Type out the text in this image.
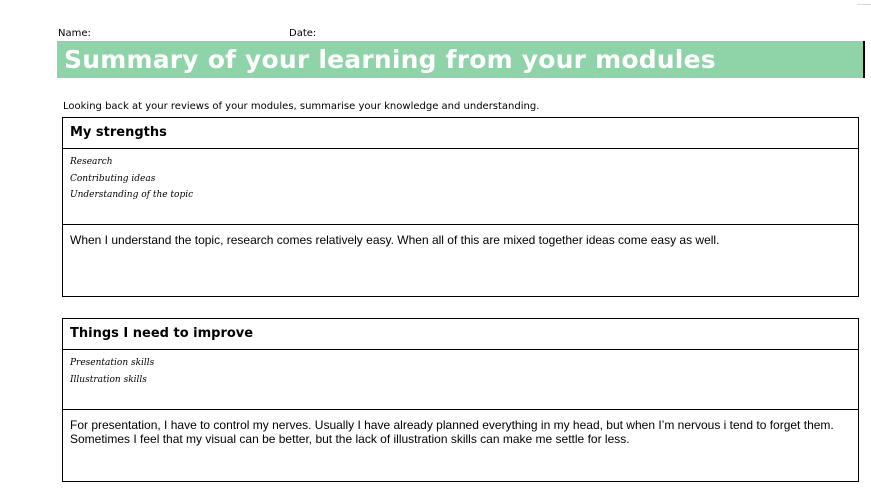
Name:	Date:
Summary of your learning from your modules
Looking back at your reviews of your modules, summarise your knowledge and understanding.
My strengths
Research
Contributing ideas
Understanding of the topic
When I understand the topic, research comes relatively easy. When all of this are mixed together ideas come easy as well.
Things I need to improve
Presentation skills
Illustration skills
For presentation, I have to control my nerves. Usually I have already planned everything in my head, but when I’m nervous i tend to forget them. Sometimes I feel that my visual can be better, but the lack of illustration skills can make me settle for less.
